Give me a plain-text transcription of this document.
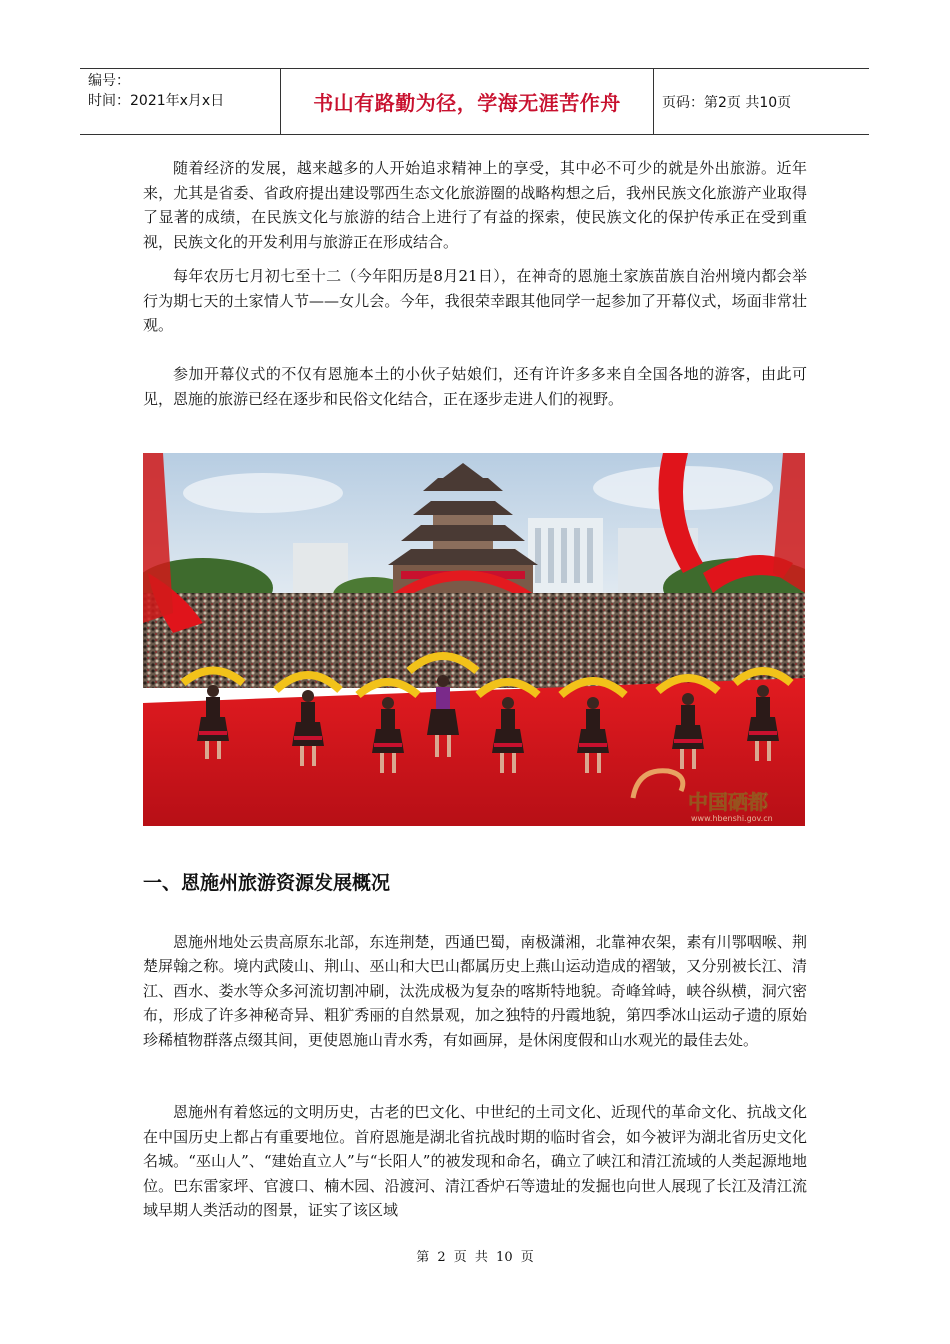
编号：
时间：2021年x月x日	书山有路勤为径，学海无涯苦作舟	页码：第2页 共10页

随着经济的发展，越来越多的人开始追求精神上的享受，其中必不可少的就是外出旅游。近年来，尤其是省委、省政府提出建设鄂西生态文化旅游圈的战略构想之后，我州民族文化旅游产业取得了显著的成绩，在民族文化与旅游的结合上进行了有益的探索，使民族文化的保护传承正在受到重视，民族文化的开发利用与旅游正在形成结合。

每年农历七月初七至十二（今年阳历是8月21日），在神奇的恩施土家族苗族自治州境内都会举行为期七天的土家情人节——女儿会。今年，我很荣幸跟其他同学一起参加了开幕仪式，场面非常壮观。

参加开幕仪式的不仅有恩施本土的小伙子姑娘们，还有许许多多来自全国各地的游客，由此可见，恩施的旅游已经在逐步和民俗文化结合，正在逐步走进人们的视野。

中国硒都
www.hbenshi.gov.cn
一、恩施州旅游资源发展概况

恩施州地处云贵高原东北部，东连荆楚，西通巴蜀，南极潇湘，北靠神农架，素有川鄂咽喉、荆楚屏翰之称。境内武陵山、荆山、巫山和大巴山都属历史上燕山运动造成的褶皱，又分别被长江、清江、酉水、娄水等众多河流切割冲刷，汰洗成极为复杂的喀斯特地貌。奇峰耸峙，峡谷纵横，洞穴密布，形成了许多神秘奇异、粗犷秀丽的自然景观，加之独特的丹霞地貌，第四季冰山运动孑遗的原始珍稀植物群落点缀其间，更使恩施山青水秀，有如画屏，是休闲度假和山水观光的最佳去处。

恩施州有着悠远的文明历史，古老的巴文化、中世纪的土司文化、近现代的革命文化、抗战文化在中国历史上都占有重要地位。首府恩施是湖北省抗战时期的临时省会，如今被评为湖北省历史文化名城。“巫山人”、“建始直立人”与“长阳人”的被发现和命名，确立了峡江和清江流域的人类起源地地位。巴东雷家坪、官渡口、楠木园、沿渡河、清江香炉石等遗址的发掘也向世人展现了长江及清江流域早期人类活动的图景，证实了该区域

第 2 页 共 10 页
